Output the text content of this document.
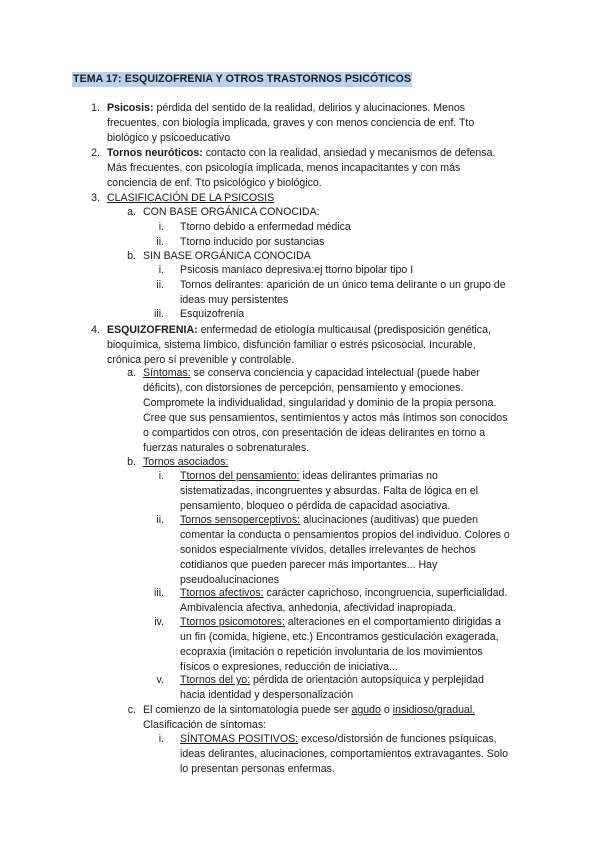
TEMA 17: ESQUIZOFRENIA Y OTROS TRASTORNOS PSICÓTICOS
1. Psicosis: pérdida del sentido de la realidad, delirios y alucinaciones. Menos
frecuentes, con biología implicada, graves y con menos conciencia de enf. Tto
biológico y psicoeducativo
2. Tornos neuróticos: contacto con la realidad, ansiedad y mecanismos de defensa.
Más frecuentes, con psicología implicada, menos incapacitantes y con más
conciencia de enf. Tto psicológico y biológico.
3. CLASIFICACIÓN DE LA PSICOSIS
a. CON BASE ORGÁNICA CONOCIDA:
i. Ttorno debido a enfermedad médica
ii. Ttorno inducido por sustancias
b. SIN BASE ORGÁNICA CONOCIDA
i. Psicosis maníaco depresiva:ej ttorno bipolar tipo I
ii. Tornos delirantes: aparición de un único tema delirante o un grupo de
ideas muy persistentes
iii. Esquizofrenia
4. ESQUIZOFRENIA: enfermedad de etiología multicausal (predisposición genética,
bioquímica, sistema límbico, disfunción familiar o estrés psicosocial. Incurable,
crónica pero sí prevenible y controlable.
a. Síntomas: se conserva conciencia y capacidad intelectual (puede haber
déficits), con distorsiones de percepción, pensamiento y emociones.
Compromete la individualidad, singularidad y dominio de la propia persona.
Cree que sus pensamientos, sentimientos y actos más íntimos son conocidos
o compartidos con otros, con presentación de ideas delirantes en torno a
fuerzas naturales o sobrenaturales.
b. Tornos asociados:
i. Ttornos del pensamiento: ideas delirantes primarias no
sistematizadas, incongruentes y absurdas. Falta de lógica en el
pensamiento, bloqueo o pérdida de capacidad asociativa.
ii. Tornos sensoperceptivos: alucinaciones (auditivas) que pueden
comentar la conducta o pensamientos propios del individuo. Colores o
sonidos especialmente vívidos, detalles irrelevantes de hechos
cotidianos que pueden parecer más importantes... Hay
pseudoalucinaciones
iii. Ttornos afectivos: carácter caprichoso, incongruencia, superficialidad.
Ambivalencia afectiva, anhedonia, afectividad inapropiada.
iv. Ttornos psicomotores: alteraciones en el comportamiento dirigidas a
un fin (comida, higiene, etc.) Encontramos gesticulación exagerada,
ecopraxia (imitación o repetición involuntaria de los movimientos
físicos o expresiones, reducción de iniciativa...
v. Ttornos del yo: pérdida de orientación autopsíquica y perplejidad
hacia identidad y despersonalización
c. El comienzo de la sintomatología puede ser agudo o insidioso/gradual.
Clasificación de síntomas:
i. SÍNTOMAS POSITIVOS: exceso/distorsión de funciones psíquicas,
ideas delirantes, alucinaciones, comportamientos extravagantes. Solo
lo presentan personas enfermas.
